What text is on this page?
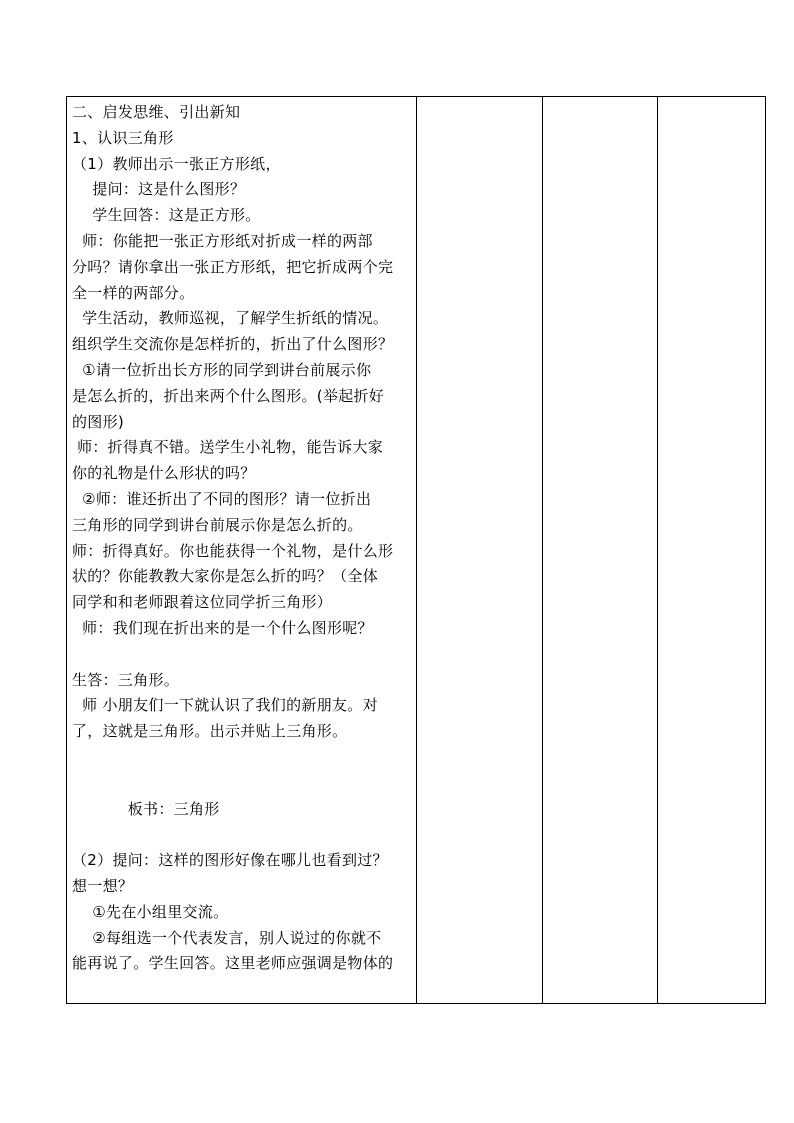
二、启发思维、引出新知
1、认识三角形
（1）教师出示一张正方形纸，
提问：这是什么图形？
学生回答：这是正方形。
师：你能把一张正方形纸对折成一样的两部
分吗？请你拿出一张正方形纸，把它折成两个完
全一样的两部分。
学生活动，教师巡视，了解学生折纸的情况。
组织学生交流你是怎样折的，折出了什么图形？
①请一位折出长方形的同学到讲台前展示你
是怎么折的，折出来两个什么图形。(举起折好
的图形)
师：折得真不错。送学生小礼物，能告诉大家
你的礼物是什么形状的吗？
②师：谁还折出了不同的图形？请一位折出
三角形的同学到讲台前展示你是怎么折的。
师：折得真好。你也能获得一个礼物，是什么形
状的？你能教教大家你是怎么折的吗？（全体
同学和和老师跟着这位同学折三角形）
师：我们现在折出来的是一个什么图形呢？
生答：三角形。
师 小朋友们一下就认识了我们的新朋友。对
了，这就是三角形。出示并贴上三角形。
板书：三角形
（2）提问：这样的图形好像在哪儿也看到过？
想一想？
①先在小组里交流。
②每组选一个代表发言，别人说过的你就不
能再说了。学生回答。这里老师应强调是物体的
